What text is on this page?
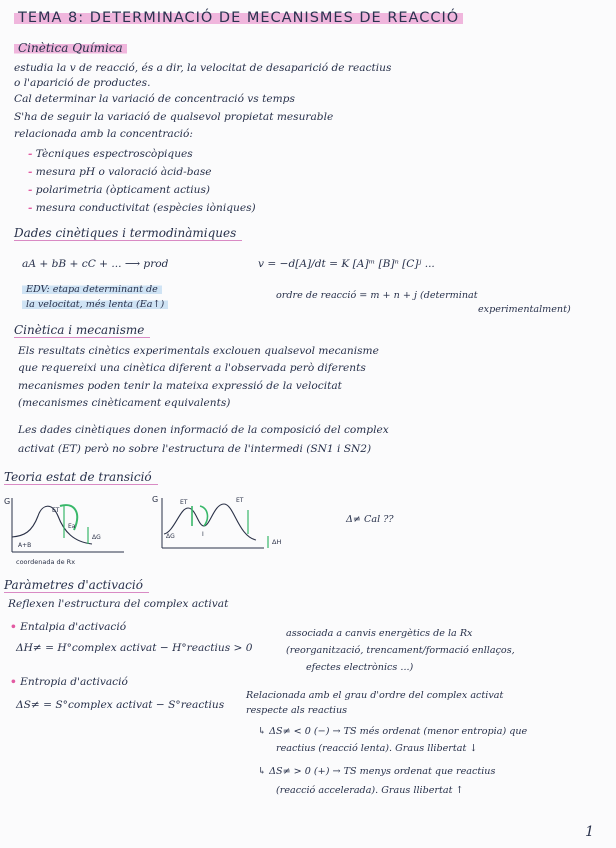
TEMA 8: DETERMINACIÓ DE MECANISMES DE REACCIÓ
Cinètica Química
estudia la v de reacció, és a dir, la velocitat de desaparició de reactius
o l'aparició de productes.
Cal determinar la variació de concentració vs temps
S'ha de seguir la variació de qualsevol propietat mesurable
relacionada amb la concentració:
- Tècniques espectroscòpiques
- mesura pH o valoració àcid-base
- polarimetria (òpticament actius)
- mesura conductivitat (espècies iòniques)
Dades cinètiques i termodinàmiques
aA + bB + cC + ... ⟶ prod	v = −d[A]/dt = K [A]ᵐ [B]ⁿ [C]ʲ ...
EDV: etapa determinant de
la velocitat, més lenta (Ea↑)
ordre de reacció = m + n + j (determinat
experimentalment)
Cinètica i mecanisme
Els resultats cinètics experimentals exclouen qualsevol mecanisme
que requereixi una cinètica diferent a l'observada però diferents
mecanismes poden tenir la mateixa expressió de la velocitat
(mecanismes cinèticament equivalents)
Les dades cinètiques donen informació de la composició del complex
activat (ET) però no sobre l'estructura de l'intermedi (SN1 i SN2)
Teoria estat de transició
G
A+B
ET
Ea
ΔG
coordenada de Rx
G	ET	ET
I
ΔG
ΔH
Δ≠ Cal ??
Paràmetres d'activació
Reflexen l'estructura del complex activat
• Entalpia d'activació
ΔH≠ = H°complex activat − H°reactius > 0
associada a canvis energètics de la Rx
(reorganització, trencament/formació enllaços,
efectes electrònics ...)
• Entropia d'activació
ΔS≠ = S°complex activat − S°reactius
Relacionada amb el grau d'ordre del complex activat
respecte als reactius
↳ ΔS≠ < 0 (−) → TS més ordenat (menor entropia) que
reactius (reacció lenta). Graus llibertat ↓
↳ ΔS≠ > 0 (+) → TS menys ordenat que reactius
(reacció accelerada). Graus llibertat ↑
1
